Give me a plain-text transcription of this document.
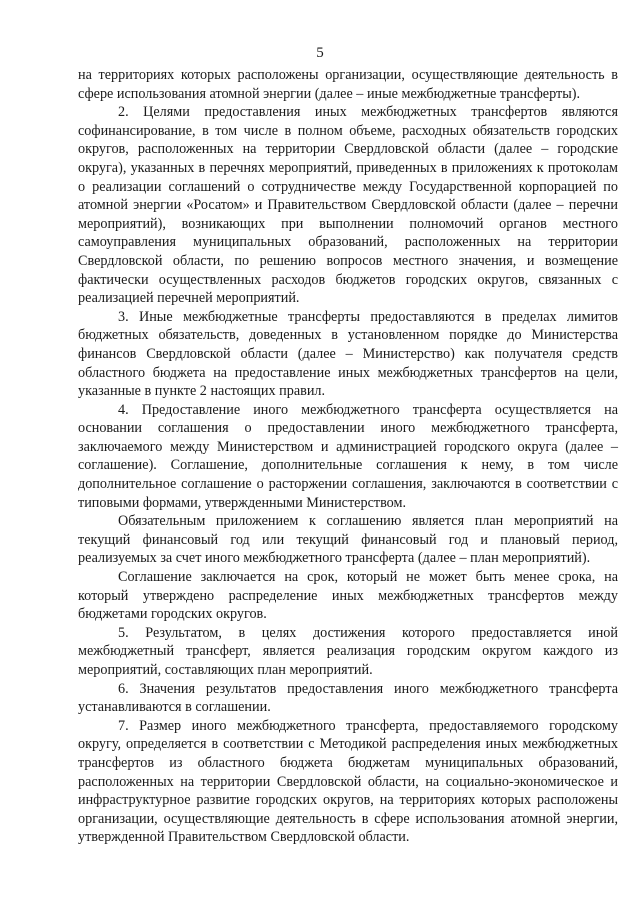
5

на территориях которых расположены организации, осуществляющие деятельность в сфере использования атомной энергии (далее – иные межбюджетные трансферты).

2. Целями предоставления иных межбюджетных трансфертов являются софинансирование, в том числе в полном объеме, расходных обязательств городских округов, расположенных на территории Свердловской области (далее – городские округа), указанных в перечнях мероприятий, приведенных в приложениях к протоколам о реализации соглашений о сотрудничестве между Государственной корпорацией по атомной энергии «Росатом» и Правительством Свердловской области (далее – перечни мероприятий), возникающих при выполнении полномочий органов местного самоуправления муниципальных образований, расположенных на территории Свердловской области, по решению вопросов местного значения, и возмещение фактически осуществленных расходов бюджетов городских округов, связанных с реализацией перечней мероприятий.

3. Иные межбюджетные трансферты предоставляются в пределах лимитов бюджетных обязательств, доведенных в установленном порядке до Министерства финансов Свердловской области (далее – Министерство) как получателя средств областного бюджета на предоставление иных межбюджетных трансфертов на цели, указанные в пункте 2 настоящих правил.

4. Предоставление иного межбюджетного трансферта осуществляется на основании соглашения о предоставлении иного межбюджетного трансферта, заключаемого между Министерством и администрацией городского округа (далее – соглашение). Соглашение, дополнительные соглашения к нему, в том числе дополнительное соглашение о расторжении соглашения, заключаются в соответствии с типовыми формами, утвержденными Министерством.

Обязательным приложением к соглашению является план мероприятий на текущий финансовый год или текущий финансовый год и плановый период, реализуемых за счет иного межбюджетного трансферта (далее – план мероприятий).

Соглашение заключается на срок, который не может быть менее срока, на который утверждено распределение иных межбюджетных трансфертов между бюджетами городских округов.

5. Результатом, в целях достижения которого предоставляется иной межбюджетный трансферт, является реализация городским округом каждого из мероприятий, составляющих план мероприятий.

6. Значения результатов предоставления иного межбюджетного трансферта устанавливаются в соглашении.

7. Размер иного межбюджетного трансферта, предоставляемого городскому округу, определяется в соответствии с Методикой распределения иных межбюджетных трансфертов из областного бюджета бюджетам муниципальных образований, расположенных на территории Свердловской области, на социально-экономическое и инфраструктурное развитие городских округов, на территориях которых расположены организации, осуществляющие деятельность в сфере использования атомной энергии, утвержденной Правительством Свердловской области.
